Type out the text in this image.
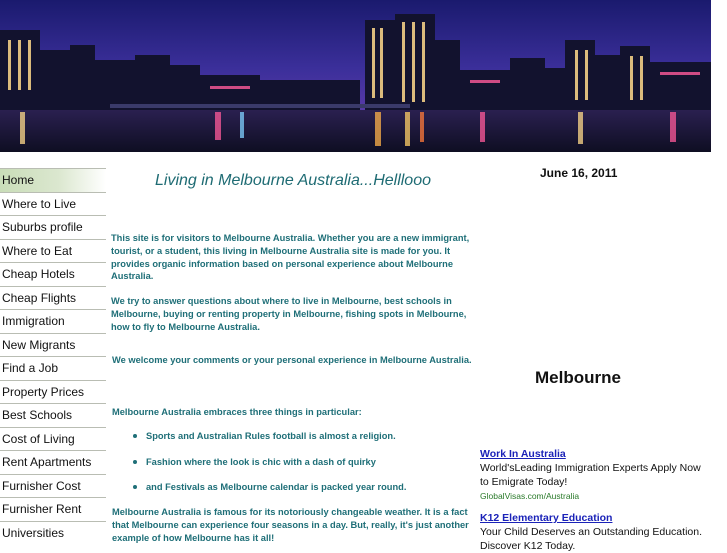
Home
Where to Live
Suburbs profile
Where to Eat
Cheap Hotels
Cheap Flights
Immigration
New Migrants
Find a Job
Property Prices
Best Schools
Cost of Living
Rent Apartments
Furnisher Cost
Furnisher Rent
Universities
Living in Melbourne Australia...Helllooo

This site is for visitors to Melbourne Australia. Whether you are a new immigrant, tourist, or a student, this living in Melbourne Australia site is made for you. It provides organic information based on personal experience about Melbourne Australia.

We try to answer questions about where to live in Melbourne, best schools in Melbourne, buying or renting property in Melbourne, fishing spots in Melbourne, how to fly to Melbourne Australia.

We welcome your comments or your personal experience in Melbourne Australia.

Melbourne Australia embraces three things in particular:

Sports and Australian Rules football is almost a religion.
Fashion where the look is chic with a dash of quirky
and Festivals as Melbourne calendar is packed year round.

Melbourne Australia is famous for its notoriously changeable weather. It is a fact that Melbourne can experience four seasons in a day. But, really, it's just another example of how Melbourne has it all!

June 16, 2011
Melbourne
Work In Australia
World'sLeading Immigration Experts Apply Now to Emigrate Today!
GlobalVisas.com/Australia
K12 Elementary Education
Your Child Deserves an Outstanding Education. Discover K12 Today.
